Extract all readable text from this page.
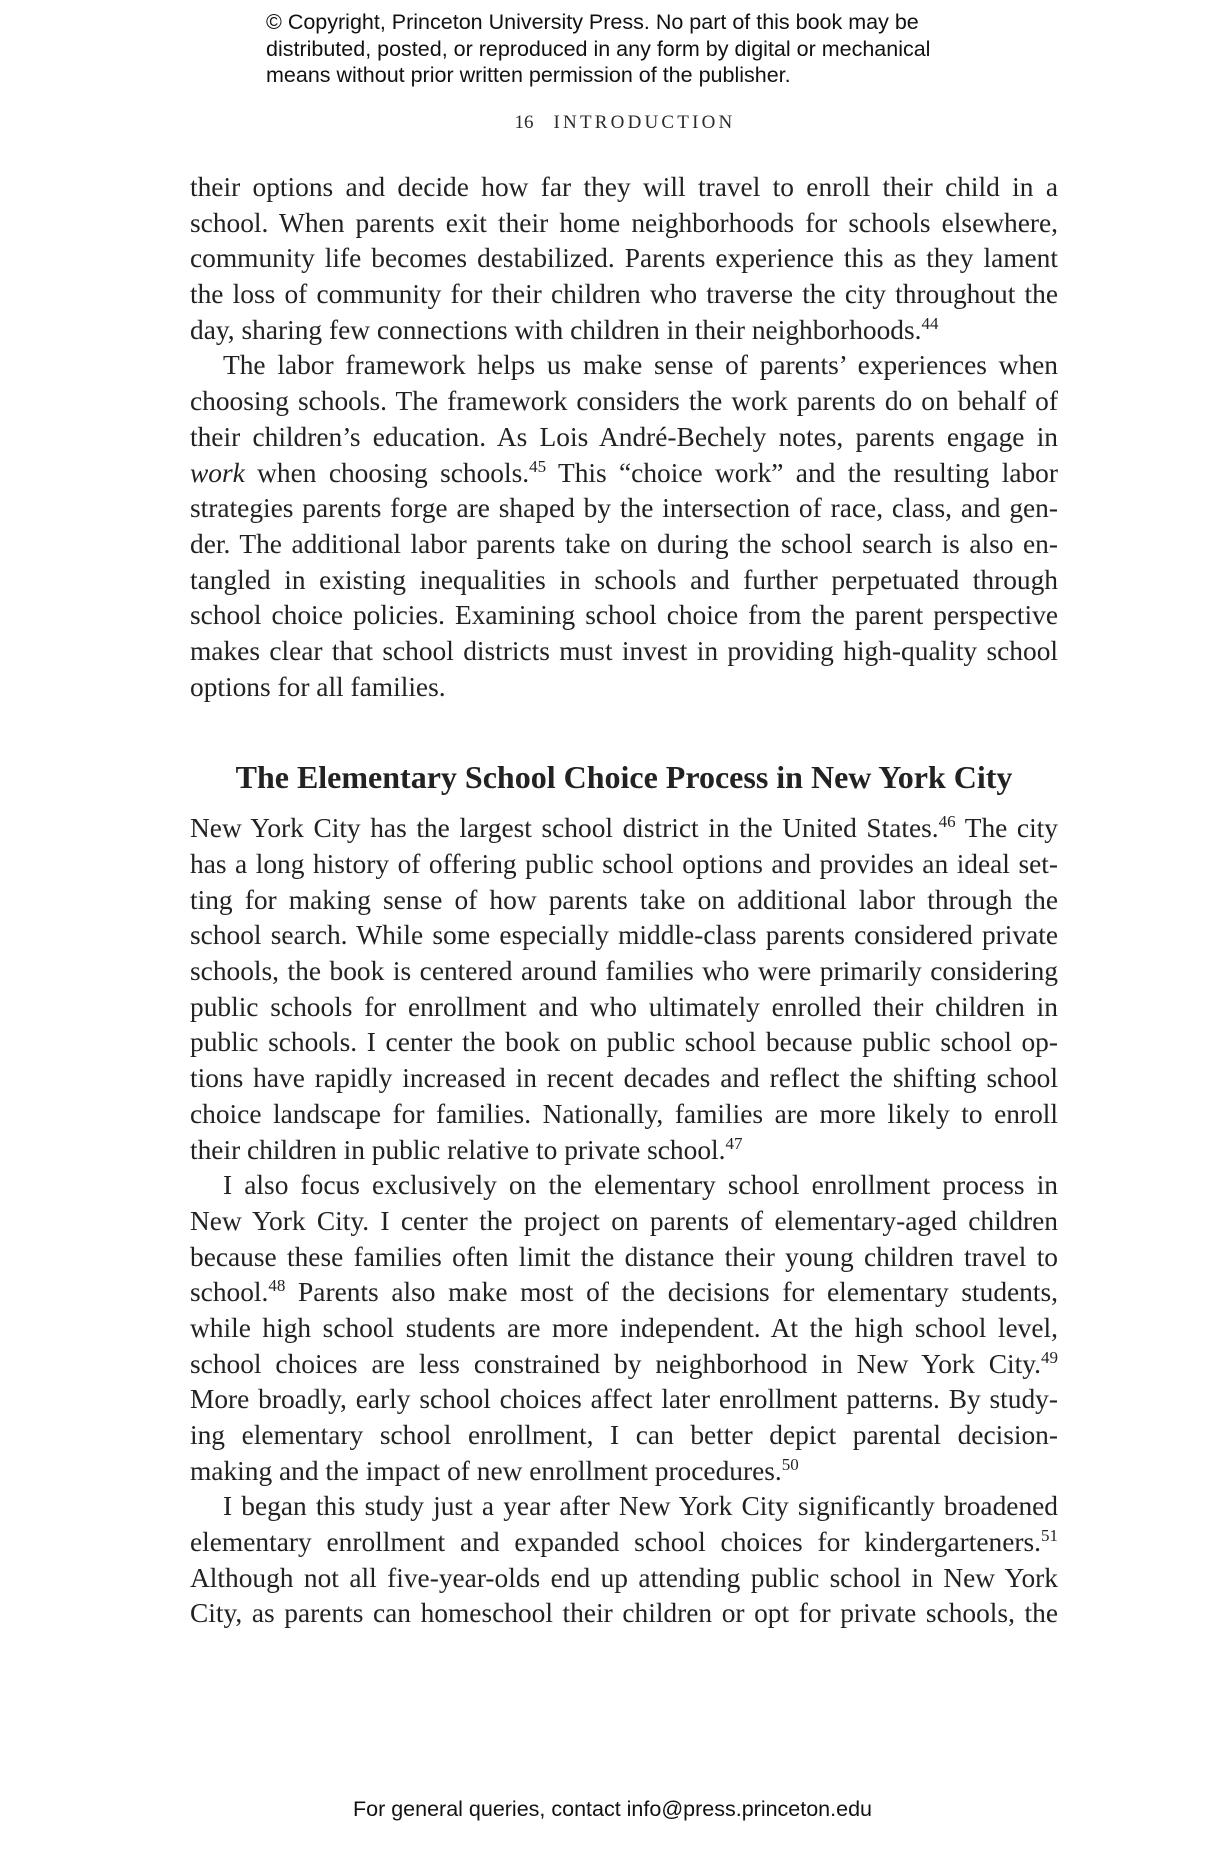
© Copyright, Princeton University Press. No part of this book may be
distributed, posted, or reproduced in any form by digital or mechanical
means without prior written permission of the publisher.
16 INTRODUCTION
their options and decide how far they will travel to enroll their child in a
school. When parents exit their home neighborhoods for schools elsewhere,
community life becomes destabilized. Parents experience this as they lament
the loss of community for their children who traverse the city throughout the
day, sharing few connections with children in their neighborhoods.$^{44}$
The labor framework helps us make sense of parents’ experiences when
choosing schools. The framework considers the work parents do on behalf of
their children’s education. As Lois André-Bechely notes, parents engage in
work when choosing schools.$^{45}$ This “choice work” and the resulting labor
strategies parents forge are shaped by the intersection of race, class, and gen-
der. The additional labor parents take on during the school search is also en-
tangled in existing inequalities in schools and further perpetuated through
school choice policies. Examining school choice from the parent perspective
makes clear that school districts must invest in providing high-quality school
options for all families.
The Elementary School Choice Process in New York City
New York City has the largest school district in the United States.$^{46}$ The city
has a long history of offering public school options and provides an ideal set-
ting for making sense of how parents take on additional labor through the
school search. While some especially middle-class parents considered private
schools, the book is centered around families who were primarily considering
public schools for enrollment and who ultimately enrolled their children in
public schools. I center the book on public school because public school op-
tions have rapidly increased in recent decades and reflect the shifting school
choice landscape for families. Nationally, families are more likely to enroll
their children in public relative to private school.$^{47}$
I also focus exclusively on the elementary school enrollment process in
New York City. I center the project on parents of elementary-aged children
because these families often limit the distance their young children travel to
school.$^{48}$ Parents also make most of the decisions for elementary students,
while high school students are more independent. At the high school level,
school choices are less constrained by neighborhood in New York City.$^{49}$
More broadly, early school choices affect later enrollment patterns. By study-
ing elementary school enrollment, I can better depict parental decision-
making and the impact of new enrollment procedures.$^{50}$
I began this study just a year after New York City significantly broadened
elementary enrollment and expanded school choices for kindergarteners.$^{51}$
Although not all five-year-olds end up attending public school in New York
City, as parents can homeschool their children or opt for private schools, the
For general queries, contact info@press.princeton.edu
